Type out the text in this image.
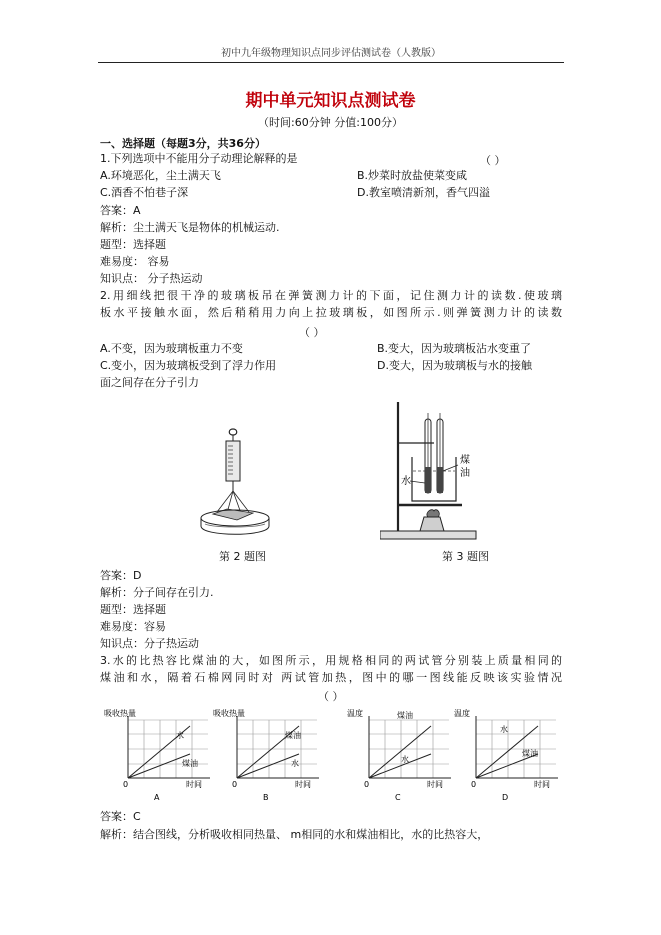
初中九年级物理知识点同步评估测试卷（人教版）
期中单元知识点测试卷
（时间:60分钟 分值:100分）
一、选择题（每题3分，共36分）
1.下列选项中不能用分子动理论解释的是	（ ）
A.环境恶化，尘土满天飞	B.炒菜时放盐使菜变咸
C.酒香不怕巷子深	D.教室喷清新剂，香气四溢
答案：A
解析：尘土满天飞是物体的机械运动.
题型：选择题
难易度： 容易
知识点： 分子热运动
2.用细线把很干净的玻璃板吊在弹簧测力计的下面，记住测力计的读数.使玻璃
板水平接触水面，然后稍稍用力向上拉玻璃板，如图所示.则弹簧测力计的读数
（ ）
A.不变，因为玻璃板重力不变	B.变大，因为玻璃板沾水变重了
C.变小，因为玻璃板受到了浮力作用	D.变大，因为玻璃板与水的接触
面之间存在分子引力
水
煤
油
第 2 题图	第 3 题图
答案：D
解析：分子间存在引力.
题型：选择题
难易度：容易
知识点：分子热运动
3.水的比热容比煤油的大，如图所示，用规格相同的两试管分别装上质量相同的
煤油和水，隔着石棉网同时对 两试管加热，图中的哪一图线能反映该实验情况
（ ）
吸收热量
0	时间
水
煤油
A
吸收热量
0	时间
煤油
水
B
温度
0	时间
煤油
水
C
温度
0	时间
水
煤油
D
答案：C
解析：结合图线，分析吸收相同热量、 m相同的水和煤油相比，水的比热容大，
